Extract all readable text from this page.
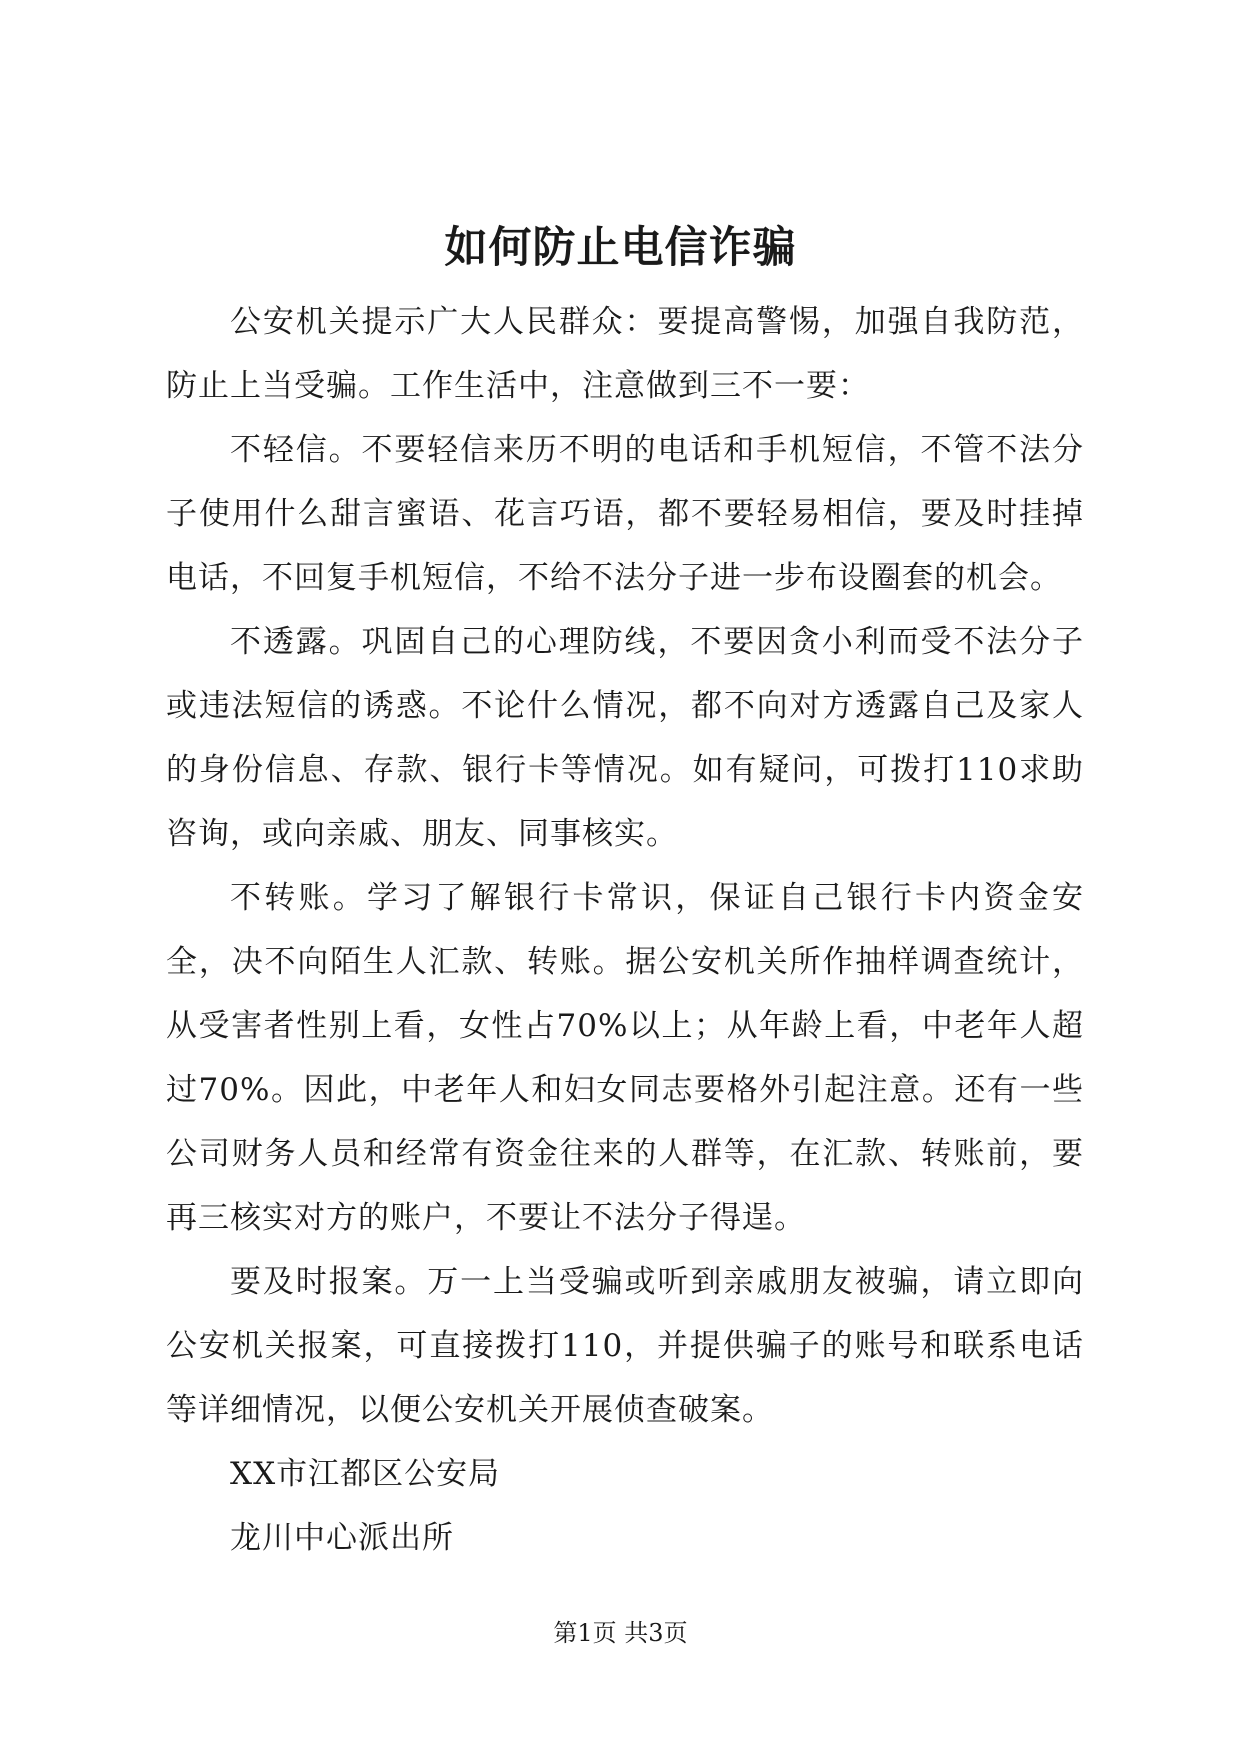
如何防止电信诈骗

公安机关提示广大人民群众：要提高警惕，加强自我防范，防止上当受骗。工作生活中，注意做到三不一要：

不轻信。不要轻信来历不明的电话和手机短信，不管不法分子使用什么甜言蜜语、花言巧语，都不要轻易相信，要及时挂掉电话，不回复手机短信，不给不法分子进一步布设圈套的机会。

不透露。巩固自己的心理防线，不要因贪小利而受不法分子或违法短信的诱惑。不论什么情况，都不向对方透露自己及家人的身份信息、存款、银行卡等情况。如有疑问，可拨打110求助咨询，或向亲戚、朋友、同事核实。

不转账。学习了解银行卡常识，保证自己银行卡内资金安全，决不向陌生人汇款、转账。据公安机关所作抽样调查统计，从受害者性别上看，女性占70%以上；从年龄上看，中老年人超过70%。因此，中老年人和妇女同志要格外引起注意。还有一些公司财务人员和经常有资金往来的人群等，在汇款、转账前，要再三核实对方的账户，不要让不法分子得逞。

要及时报案。万一上当受骗或听到亲戚朋友被骗，请立即向公安机关报案，可直接拨打110，并提供骗子的账号和联系电话等详细情况，以便公安机关开展侦查破案。

XX市江都区公安局

龙川中心派出所

第1页 共3页
